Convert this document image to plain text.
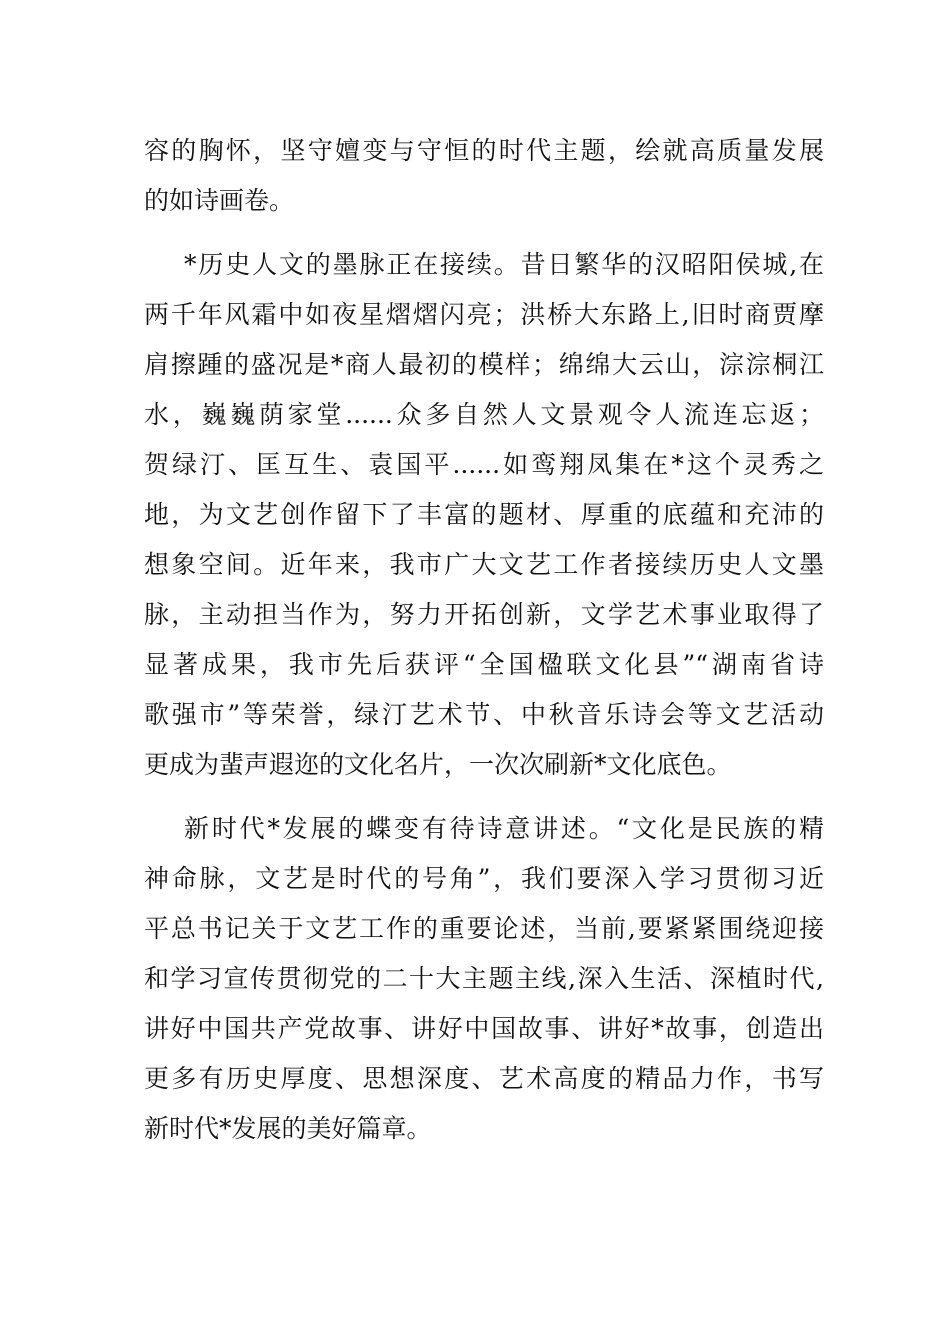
容的胸怀，坚守嬗变与守恒的时代主题，绘就高质量发展
的如诗画卷。
*历史人文的墨脉正在接续。昔日繁华的汉昭阳侯城,在
两千年风霜中如夜星熠熠闪亮；洪桥大东路上,旧时商贾摩
肩擦踵的盛况是*商人最初的模样；绵绵大云山，淙淙桐江
水，巍巍荫家堂......众多自然人文景观令人流连忘返；
贺绿汀、匡互生、袁国平......如鸾翔凤集在*这个灵秀之
地，为文艺创作留下了丰富的题材、厚重的底蕴和充沛的
想象空间。近年来，我市广大文艺工作者接续历史人文墨
脉，主动担当作为，努力开拓创新，文学艺术事业取得了
显著成果，我市先后获评“全国楹联文化县”“湖南省诗
歌强市”等荣誉，绿汀艺术节、中秋音乐诗会等文艺活动
更成为蜚声遐迩的文化名片，一次次刷新*文化底色。
新时代*发展的蝶变有待诗意讲述。“文化是民族的精
神命脉，文艺是时代的号角”，我们要深入学习贯彻习近
平总书记关于文艺工作的重要论述，当前,要紧紧围绕迎接
和学习宣传贯彻党的二十大主题主线,深入生活、深植时代,
讲好中国共产党故事、讲好中国故事、讲好*故事，创造出
更多有历史厚度、思想深度、艺术高度的精品力作，书写
新时代*发展的美好篇章。
